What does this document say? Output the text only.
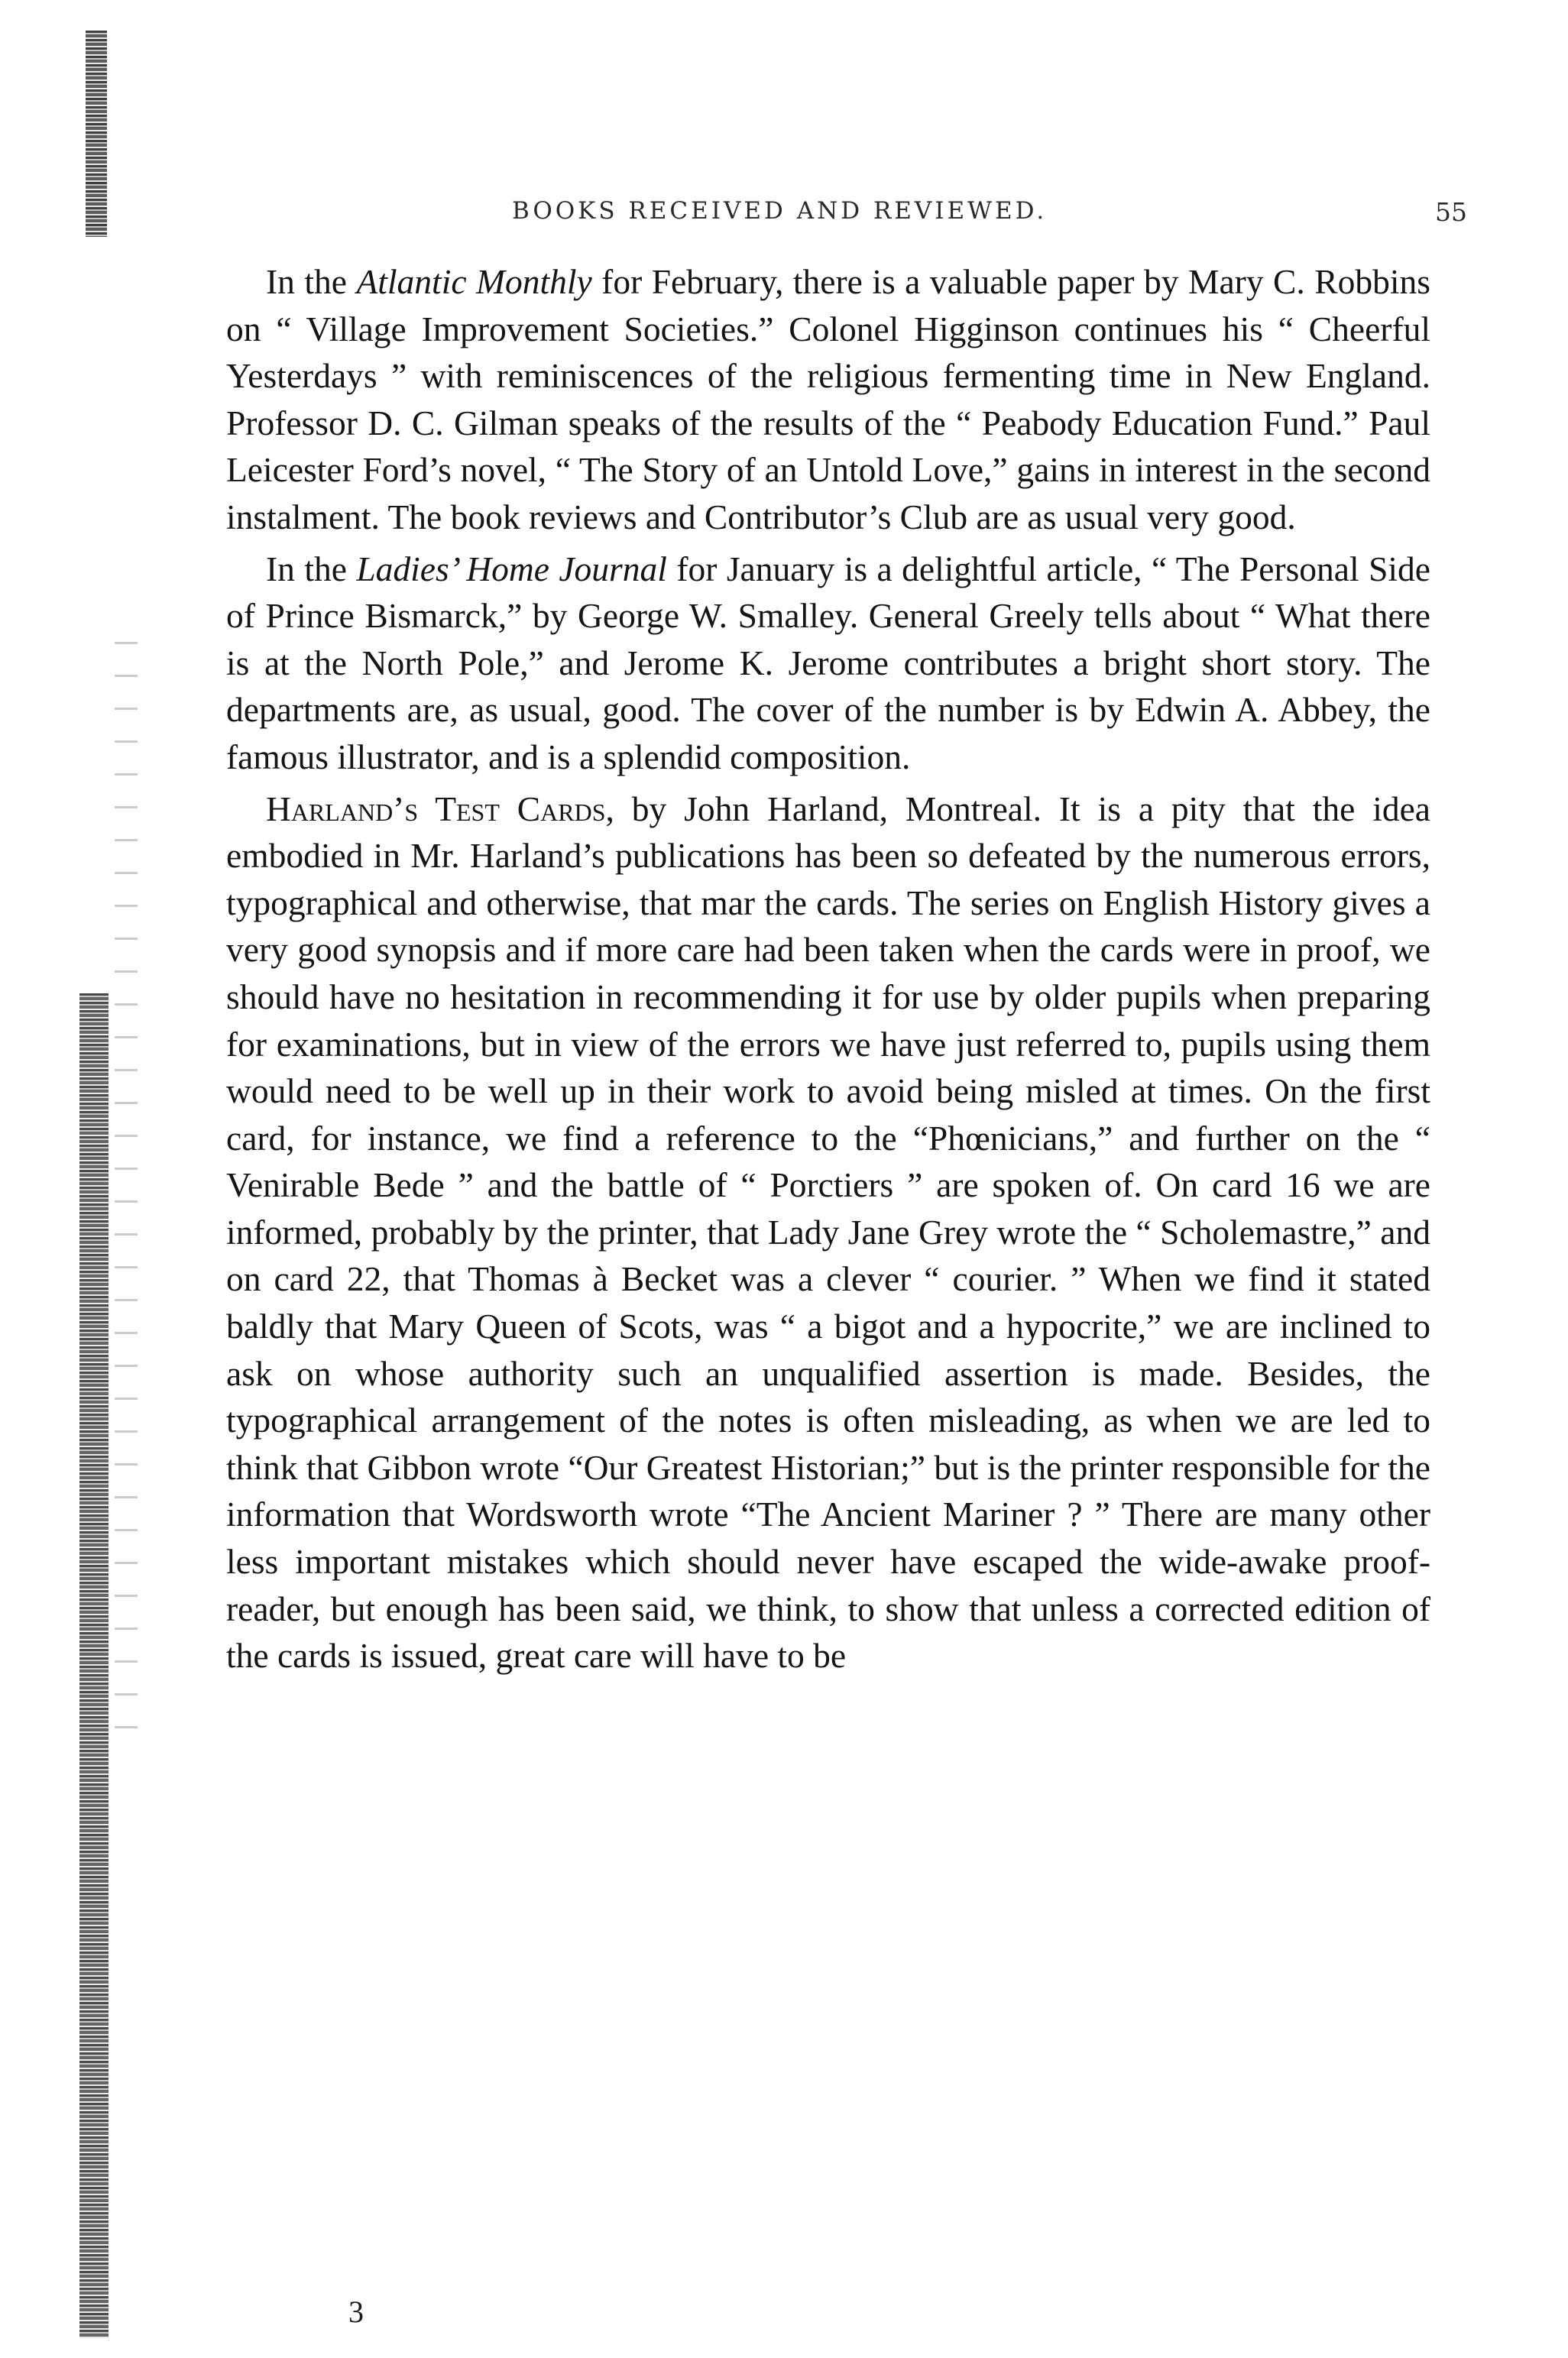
BOOKS RECEIVED AND REVIEWED.	55

In the Atlantic Monthly for February, there is a valuable paper by Mary C. Robbins on “ Village Improvement Societies.” Colonel Higginson continues his “ Cheerful Yesterdays ” with reminiscences of the religious fermenting time in New England. Professor D. C. Gilman speaks of the results of the “ Peabody Education Fund.” Paul Leicester Ford’s novel, “ The Story of an Untold Love,” gains in interest in the second instalment. The book reviews and Contributor’s Club are as usual very good.

In the Ladies’ Home Journal for January is a delightful article, “ The Personal Side of Prince Bismarck,” by George W. Smalley. General Greely tells about “ What there is at the North Pole,” and Jerome K. Jerome contributes a bright short story. The departments are, as usual, good. The cover of the number is by Edwin A. Abbey, the famous illustrator, and is a splendid composition.

Harland’s Test Cards, by John Harland, Montreal. It is a pity that the idea embodied in Mr. Harland’s publications has been so defeated by the numerous errors, typographical and otherwise, that mar the cards. The series on English History gives a very good synopsis and if more care had been taken when the cards were in proof, we should have no hesitation in recommending it for use by older pupils when preparing for examinations, but in view of the errors we have just referred to, pupils using them would need to be well up in their work to avoid being misled at times. On the first card, for instance, we find a reference to the “Phœnicians,” and further on the “ Venirable Bede ” and the battle of “ Porctiers ” are spoken of. On card 16 we are informed, probably by the printer, that Lady Jane Grey wrote the “ Scholemastre,” and on card 22, that Thomas à Becket was a clever “ courier. ” When we find it stated baldly that Mary Queen of Scots, was “ a bigot and a hypocrite,” we are inclined to ask on whose authority such an unqualified assertion is made. Besides, the typographical arrangement of the notes is often misleading, as when we are led to think that Gibbon wrote “Our Greatest Historian;” but is the printer responsible for the information that Wordsworth wrote “The Ancient Mariner ? ” There are many other less important mistakes which should never have escaped the wide-awake proof-reader, but enough has been said, we think, to show that unless a corrected edition of the cards is issued, great care will have to be

3
